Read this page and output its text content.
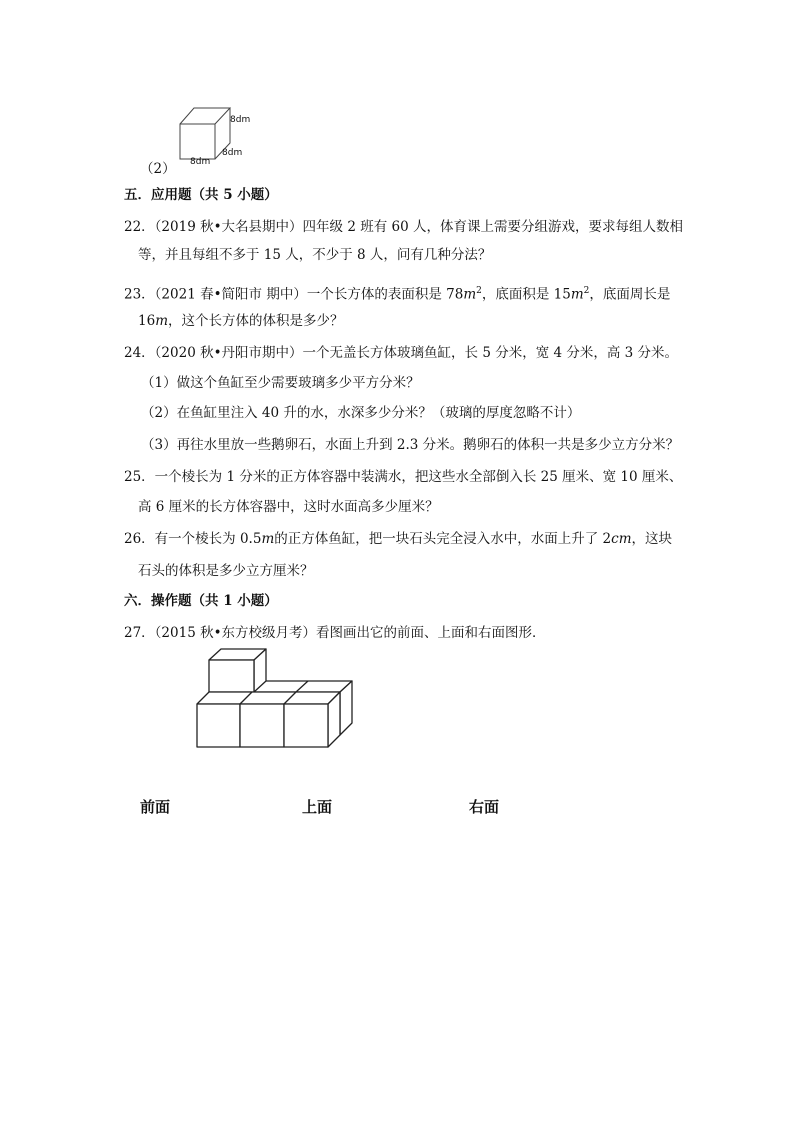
8dm
8dm
8dm
（2）
五．应用题（共 5 小题）
22．（2019 秋•大名县期中）四年级 2 班有 60 人，体育课上需要分组游戏，要求每组人数相
等，并且每组不多于 15 人，不少于 8 人，问有几种分法？
23．（2021 春•简阳市 期中）一个长方体的表面积是 $78m^2$，底面积是 $15m^2$，底面周长是
16m，这个长方体的体积是多少？
24．（2020 秋•丹阳市期中）一个无盖长方体玻璃鱼缸，长 5 分米，宽 4 分米，高 3 分米。
（1）做这个鱼缸至少需要玻璃多少平方分米？
（2）在鱼缸里注入 40 升的水，水深多少分米？（玻璃的厚度忽略不计）
（3）再往水里放一些鹅卵石，水面上升到 2.3 分米。鹅卵石的体积一共是多少立方分米？
25．一个棱长为 1 分米的正方体容器中装满水，把这些水全部倒入长 25 厘米、宽 10 厘米、
高 6 厘米的长方体容器中，这时水面高多少厘米？
26．有一个棱长为 0.5m的正方体鱼缸，把一块石头完全浸入水中，水面上升了 2cm，这块
石头的体积是多少立方厘米？
六．操作题（共 1 小题）
27．（2015 秋•东方校级月考）看图画出它的前面、上面和右面图形．
前面	上面	右面
